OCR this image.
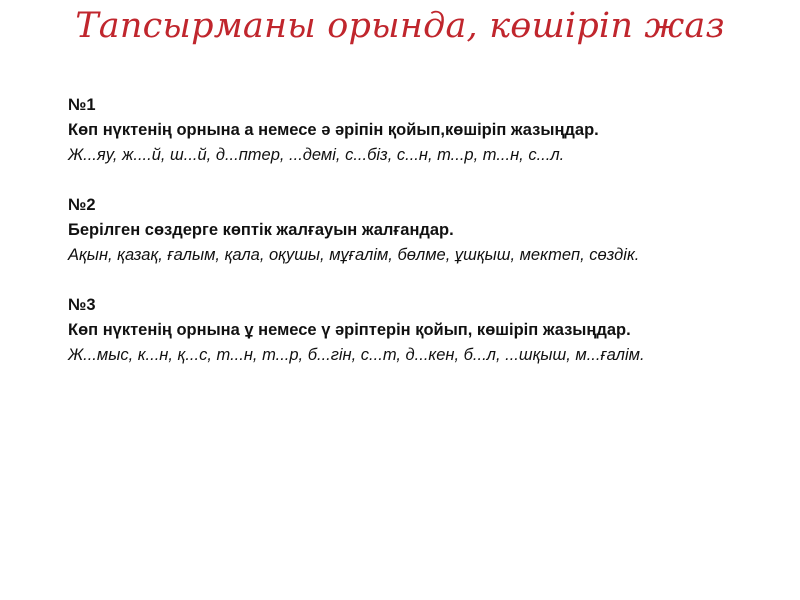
Тапсырманы орында, көшіріп жаз
№1
Көп нүктенің орнына а немесе ә әріпін қойып,көшіріп жазыңдар.
Ж...яу, ж....й, ш...й, д...птер, ...демі, с...біз, с...н, т...р, т...н, с...л.
№2
Берілген сөздерге көптік жалғауын жалғандар.
Ақын, қазақ, ғалым, қала, оқушы, мұғалім, бөлме, ұшқыш, мектеп, сөздік.
№3
Көп нүктенің орнына ұ немесе ү әріптерін қойып, көшіріп жазыңдар.
Ж...мыс, к...н, қ...с, т...н, т...р, б...гін, с...т, д...кен, б...л, ...шқыш, м...ғалім.
